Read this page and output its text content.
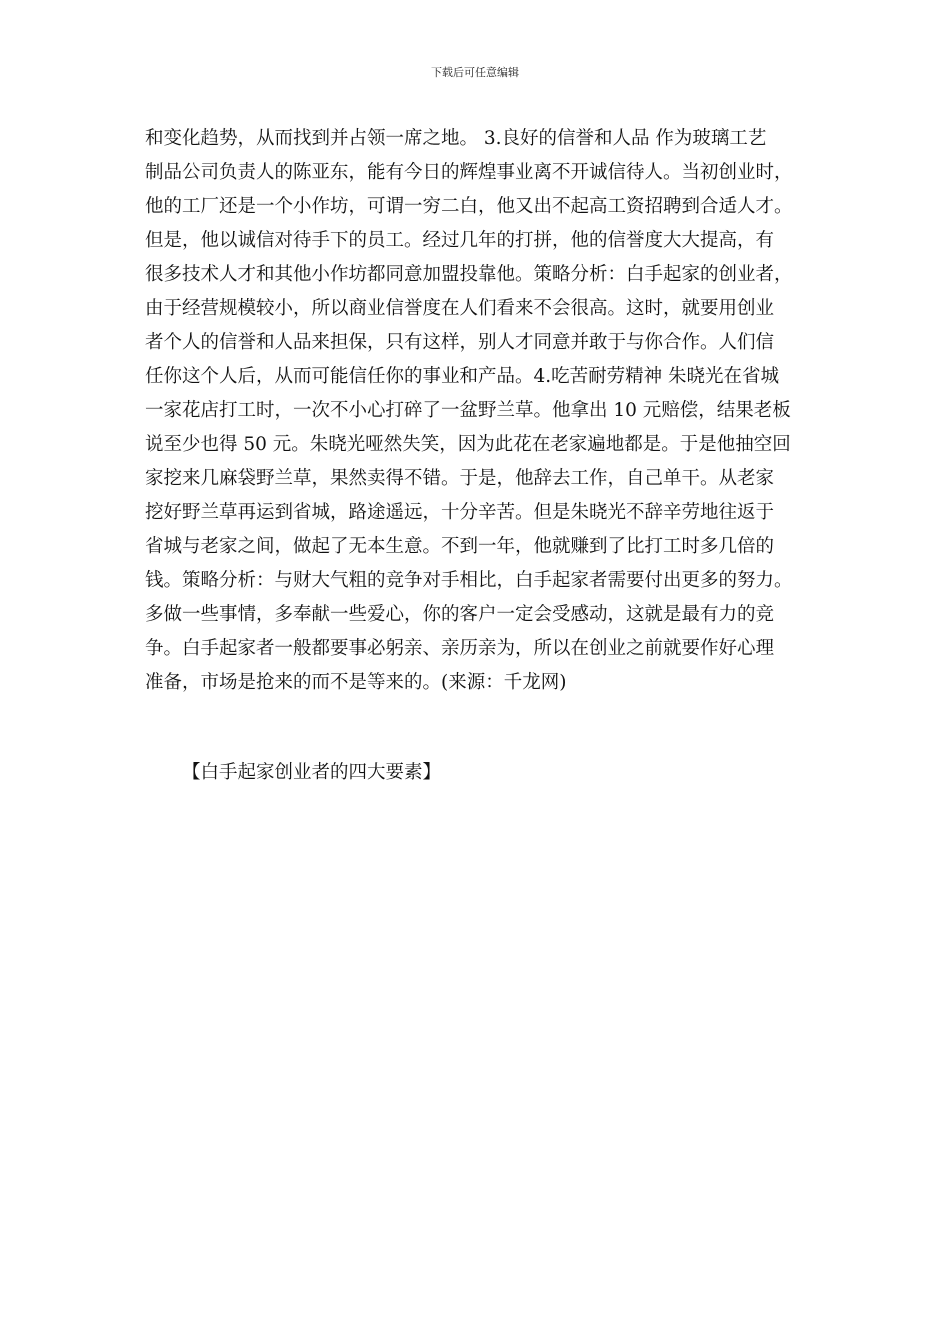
下载后可任意编辑
和变化趋势，从而找到并占领一席之地。 3.良好的信誉和人品 作为玻璃工艺
制品公司负责人的陈亚东，能有今日的辉煌事业离不开诚信待人。当初创业时，
他的工厂还是一个小作坊，可谓一穷二白，他又出不起高工资招聘到合适人才。
但是，他以诚信对待手下的员工。经过几年的打拼，他的信誉度大大提高，有
很多技术人才和其他小作坊都同意加盟投靠他。策略分析：白手起家的创业者，
由于经营规模较小，所以商业信誉度在人们看来不会很高。这时，就要用创业
者个人的信誉和人品来担保，只有这样，别人才同意并敢于与你合作。人们信
任你这个人后，从而可能信任你的事业和产品。4.吃苦耐劳精神 朱晓光在省城
一家花店打工时，一次不小心打碎了一盆野兰草。他拿出 10 元赔偿，结果老板
说至少也得 50 元。朱晓光哑然失笑，因为此花在老家遍地都是。于是他抽空回
家挖来几麻袋野兰草，果然卖得不错。于是，他辞去工作，自己单干。从老家
挖好野兰草再运到省城，路途遥远，十分辛苦。但是朱晓光不辞辛劳地往返于
省城与老家之间，做起了无本生意。不到一年，他就赚到了比打工时多几倍的
钱。策略分析：与财大气粗的竞争对手相比，白手起家者需要付出更多的努力。
多做一些事情，多奉献一些爱心，你的客户一定会受感动，这就是最有力的竞
争。白手起家者一般都要事必躬亲、亲历亲为，所以在创业之前就要作好心理
准备，市场是抢来的而不是等来的。(来源：千龙网)
【白手起家创业者的四大要素】
